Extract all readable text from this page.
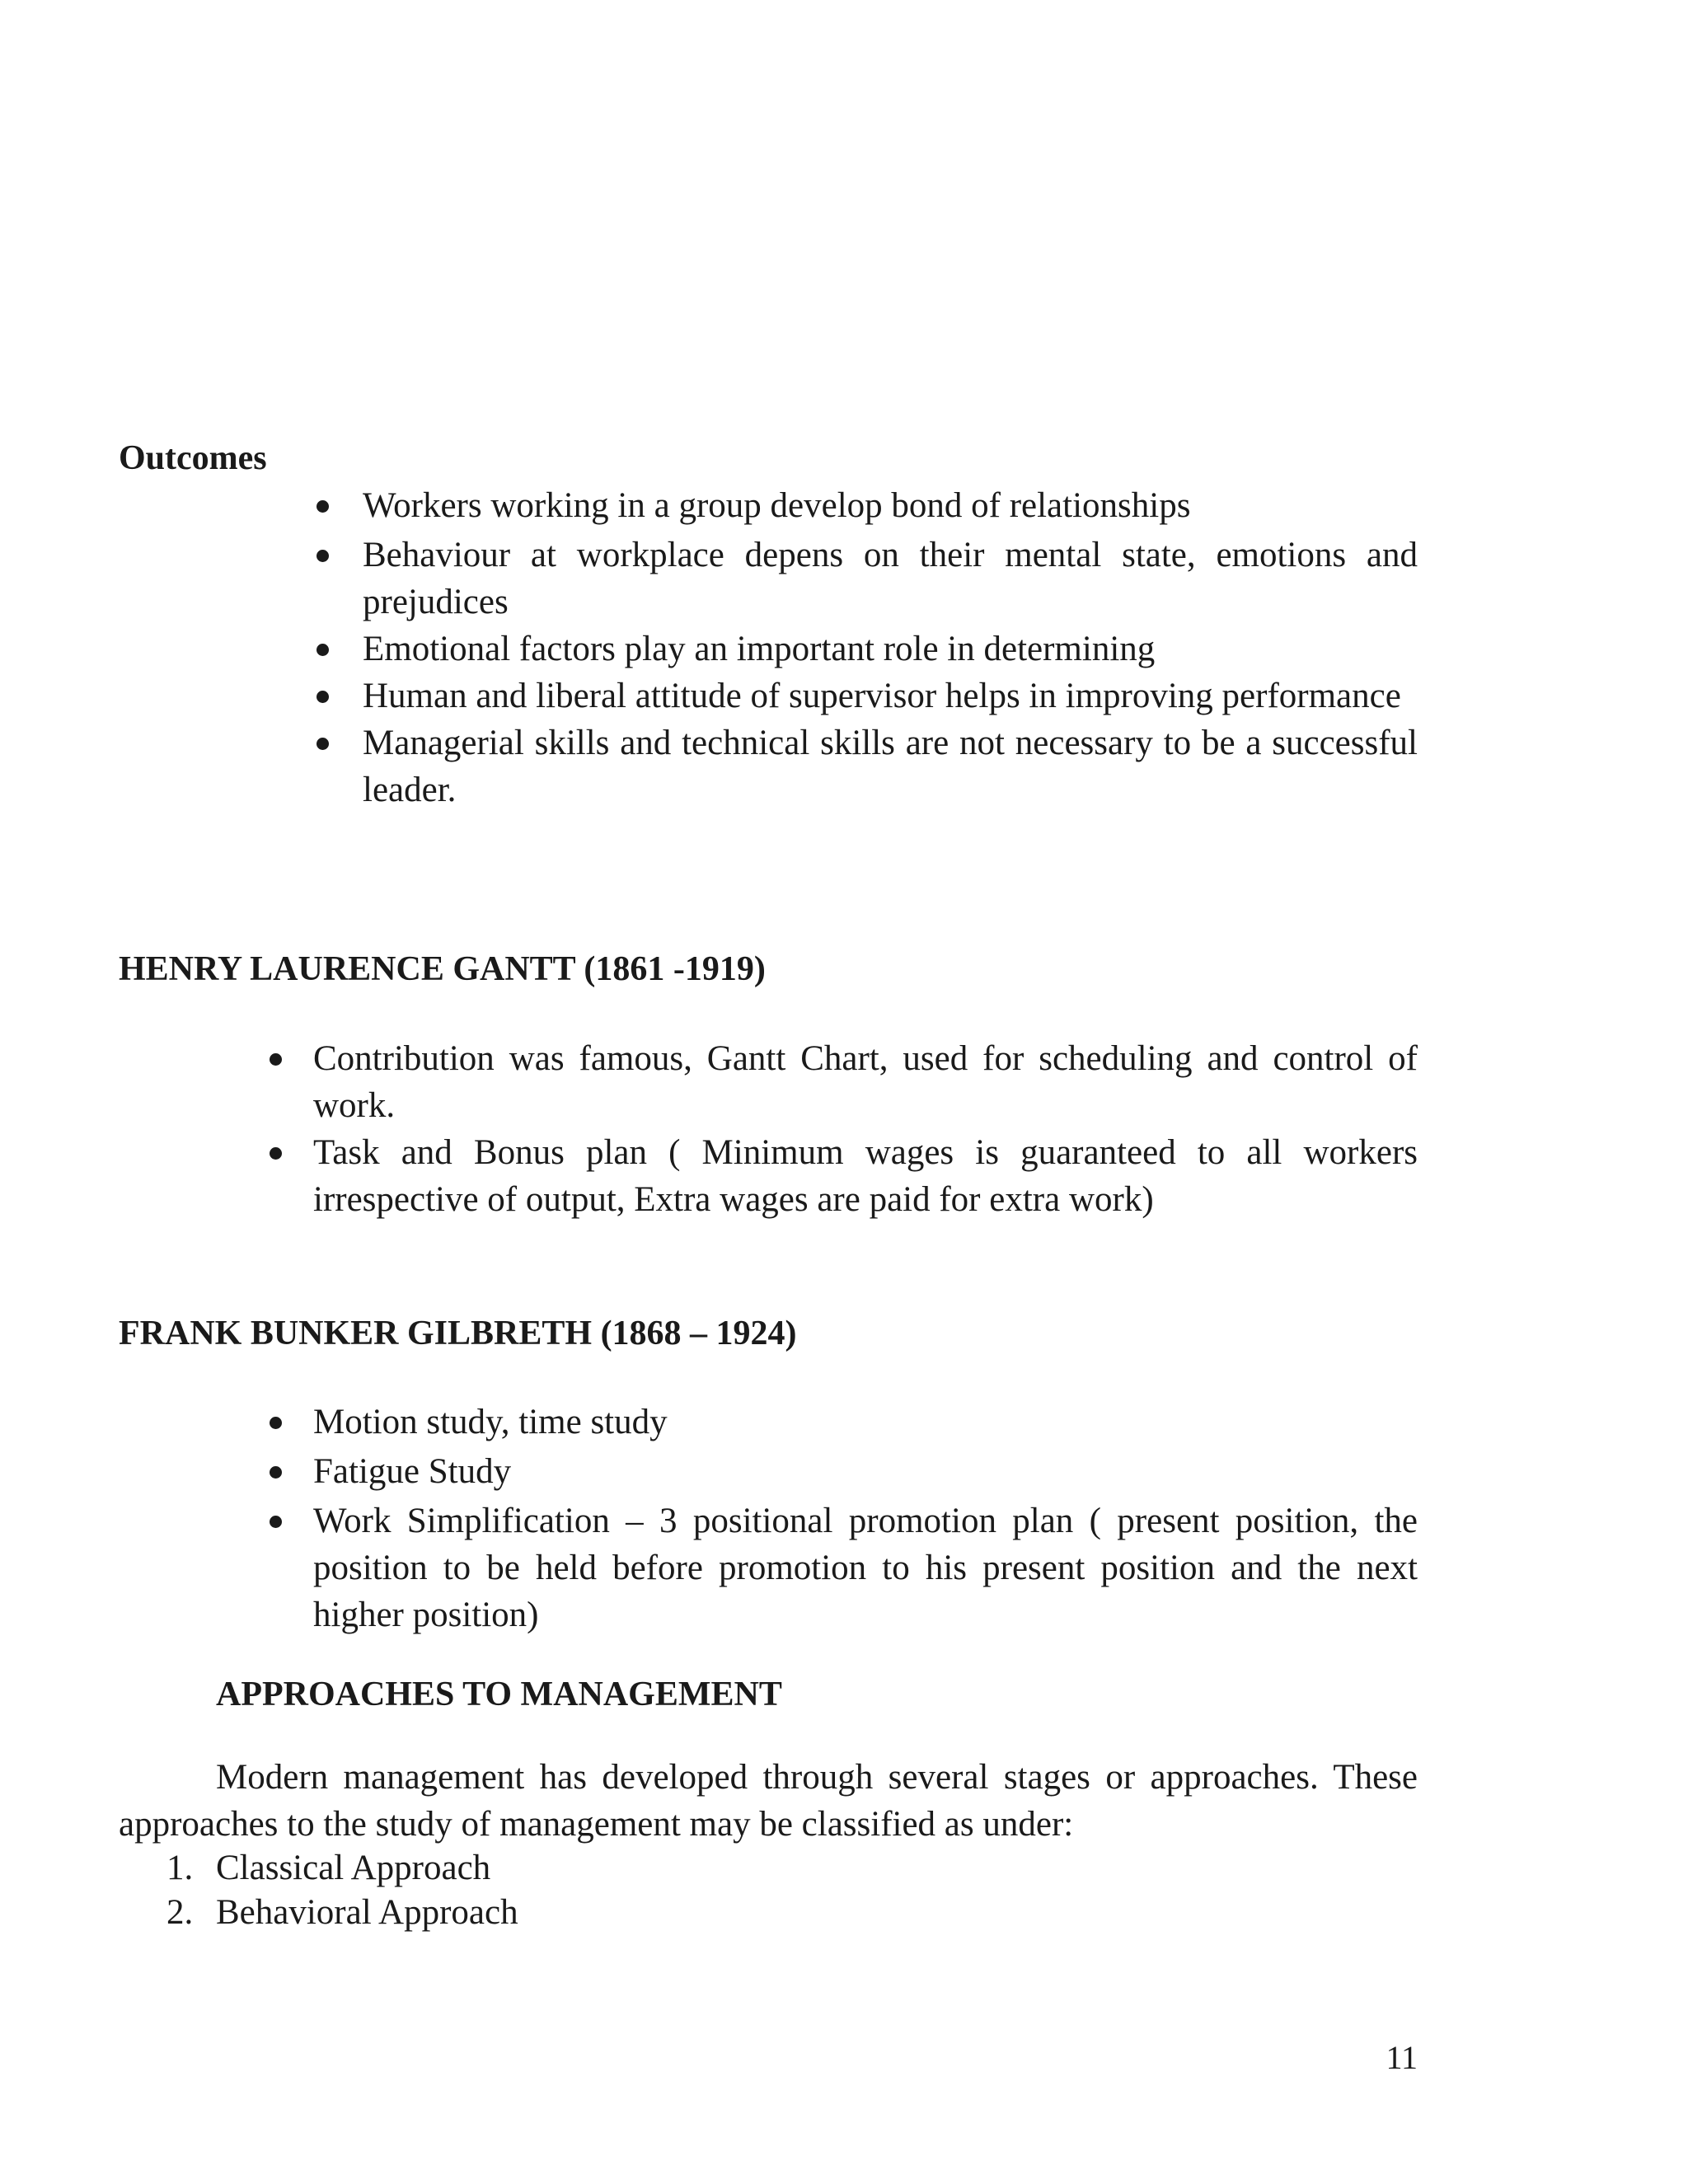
Outcomes
Workers working in a group develop bond of relationships
Behaviour at workplace depens on their mental state, emotions and prejudices
Emotional factors play an important role in determining
Human and liberal attitude of supervisor helps in improving performance
Managerial skills and technical skills are not necessary to be a successful leader.
HENRY LAURENCE GANTT (1861 -1919)
Contribution was famous, Gantt Chart, used for scheduling and control of work.
Task and Bonus plan ( Minimum wages is guaranteed to all workers irrespective of output, Extra wages are paid for extra work)
FRANK BUNKER GILBRETH (1868 – 1924)
Motion study, time study
Fatigue Study
Work Simplification – 3 positional promotion plan ( present position, the position to be held before promotion to his present position and the next higher position)
APPROACHES TO MANAGEMENT
Modern management has developed through several stages or approaches. These approaches to the study of management may be classified as under:
1. Classical Approach
2. Behavioral Approach
11
